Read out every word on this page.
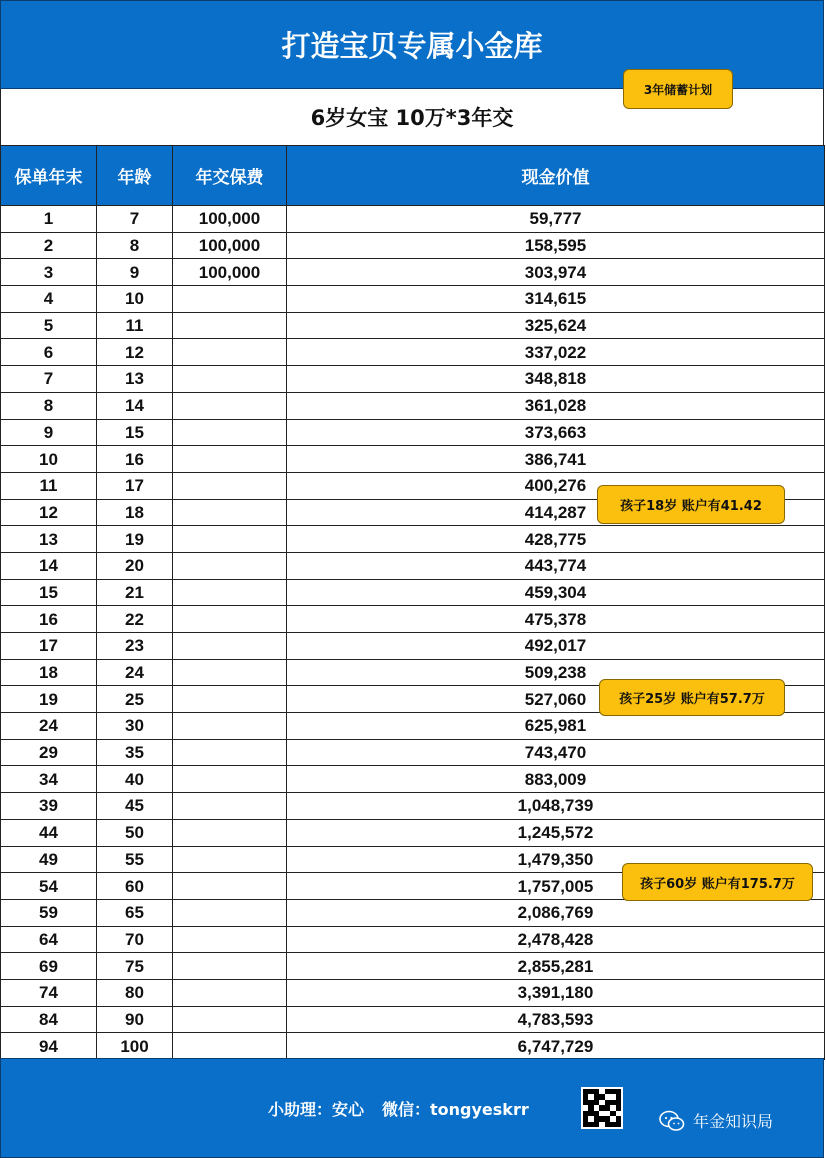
打造宝贝专属小金库
6岁女宝 10万*3年交
3年储蓄计划
保单年末	年龄	年交保费	现金价值
1	7	100,000	59,777
2	8	100,000	158,595
3	9	100,000	303,974
4	10		314,615
5	11		325,624
6	12		337,022
7	13		348,818
8	14		361,028
9	15		373,663
10	16		386,741
11	17		400,276
12	18		414,287
13	19		428,775
14	20		443,774
15	21		459,304
16	22		475,378
17	23		492,017
18	24		509,238
19	25		527,060
24	30		625,981
29	35		743,470
34	40		883,009
39	45		1,048,739
44	50		1,245,572
49	55		1,479,350
54	60		1,757,005
59	65		2,086,769
64	70		2,478,428
69	75		2,855,281
74	80		3,391,180
84	90		4,783,593
94	100		6,747,729
孩子18岁 账户有41.42
孩子25岁 账户有57.7万
孩子60岁 账户有175.7万
小助理：安心 微信：tongyeskrr
年金知识局
